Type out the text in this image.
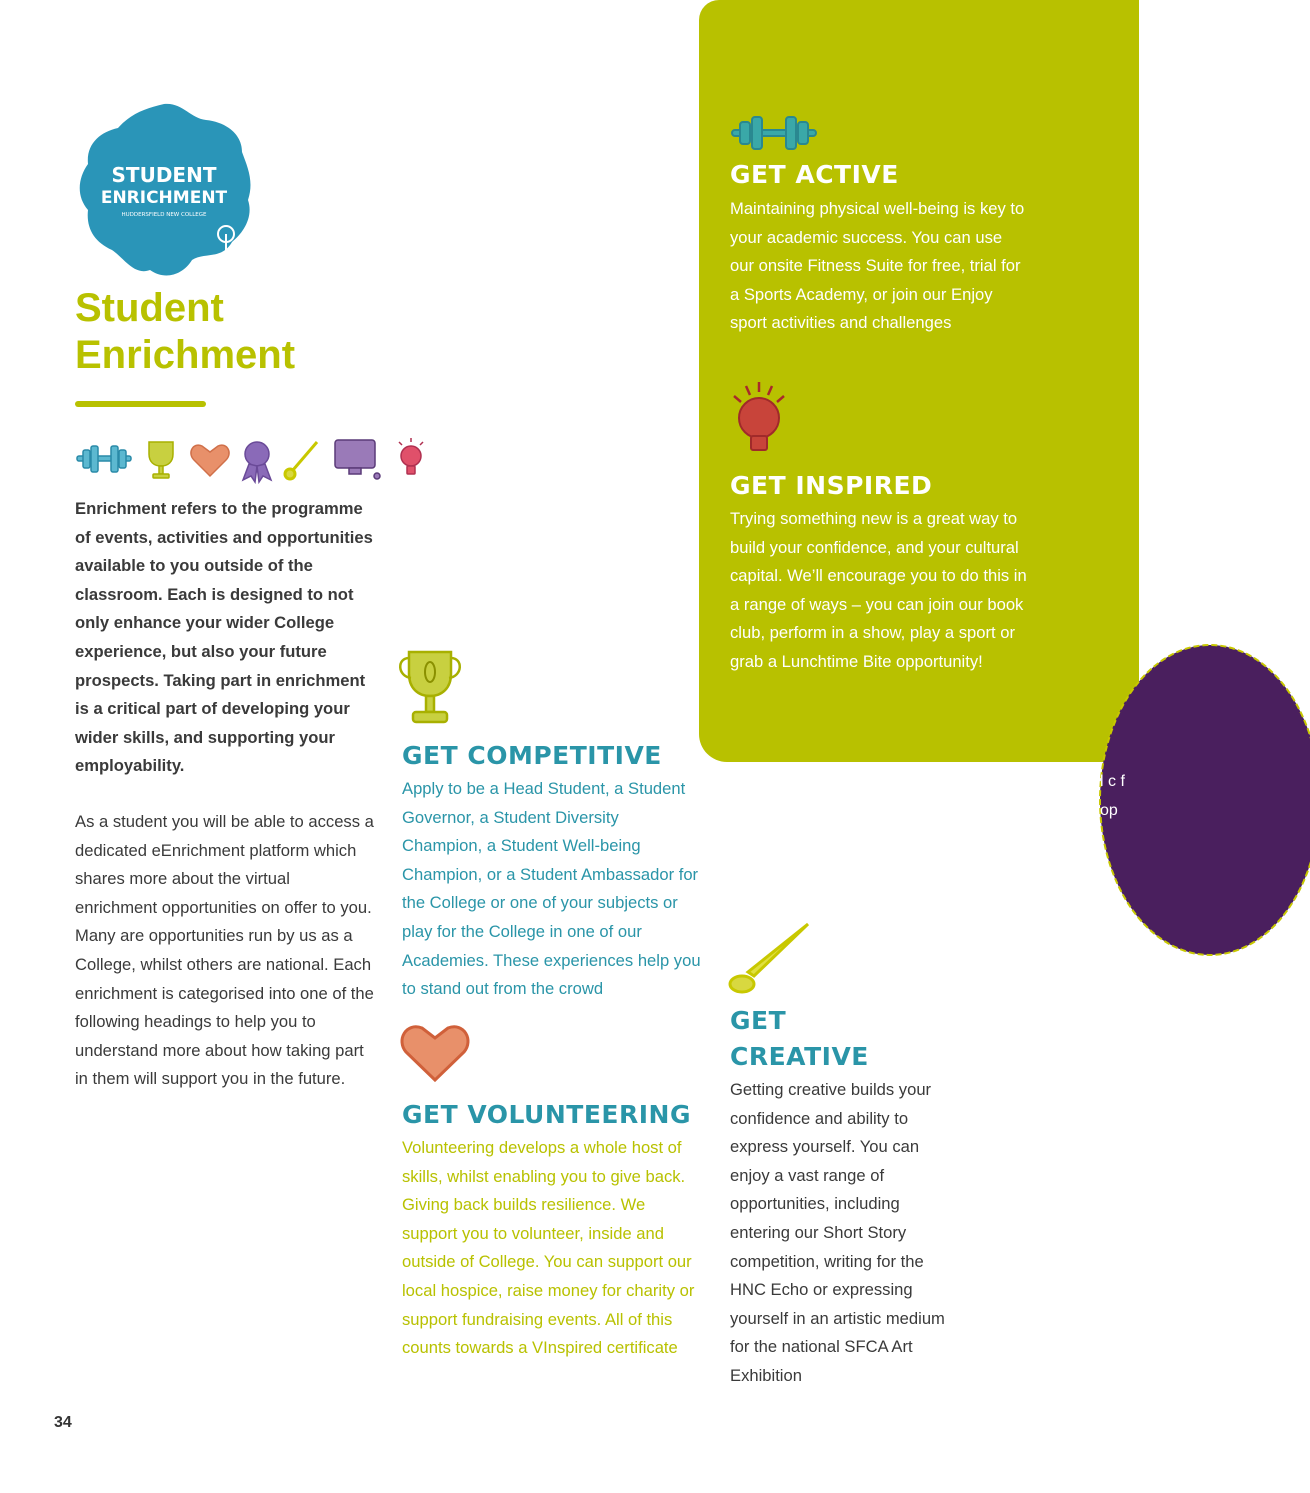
l c f op
STUDENT
ENRICHMENT
HUDDERSFIELD NEW COLLEGE
Student
Enrichment

Enrichment refers to the programme of events, activities and opportunities available to you outside of the classroom. Each is designed to not only enhance your wider College experience, but also your future prospects. Taking part in enrichment is a critical part of developing your wider skills, and supporting your employability.

As a student you will be able to access a dedicated eEnrichment platform which shares more about the virtual enrichment opportunities on offer to you. Many are opportunities run by us as a College, whilst others are national. Each enrichment is categorised into one of the following headings to help you to understand more about how taking part in them will support you in the future.

GET ACTIVE

Maintaining physical well-being is key to your academic success. You can use our onsite Fitness Suite for free, trial for a Sports Academy, or join our Enjoy sport activities and challenges

GET INSPIRED

Trying something new is a great way to build your confidence, and your cultural capital. We’ll encourage you to do this in a range of ways – you can join our book club, perform in a show, play a sport or grab a Lunchtime Bite opportunity!

GET COMPETITIVE

Apply to be a Head Student, a Student Governor, a Student Diversity Champion, a Student Well-being Champion, or a Student Ambassador for the College or one of your subjects or play for the College in one of our Academies. These experiences help you to stand out from the crowd

GET VOLUNTEERING

Volunteering develops a whole host of skills, whilst enabling you to give back. Giving back builds resilience. We support you to volunteer, inside and outside of College. You can support our local hospice, raise money for charity or support fundraising events. All of this counts towards a VInspired certificate

GET
CREATIVE

Getting creative builds your confidence and ability to express yourself. You can enjoy a vast range of opportunities, including entering our Short Story competition, writing for the HNC Echo or expressing yourself in an artistic medium for the national SFCA Art Exhibition

34
